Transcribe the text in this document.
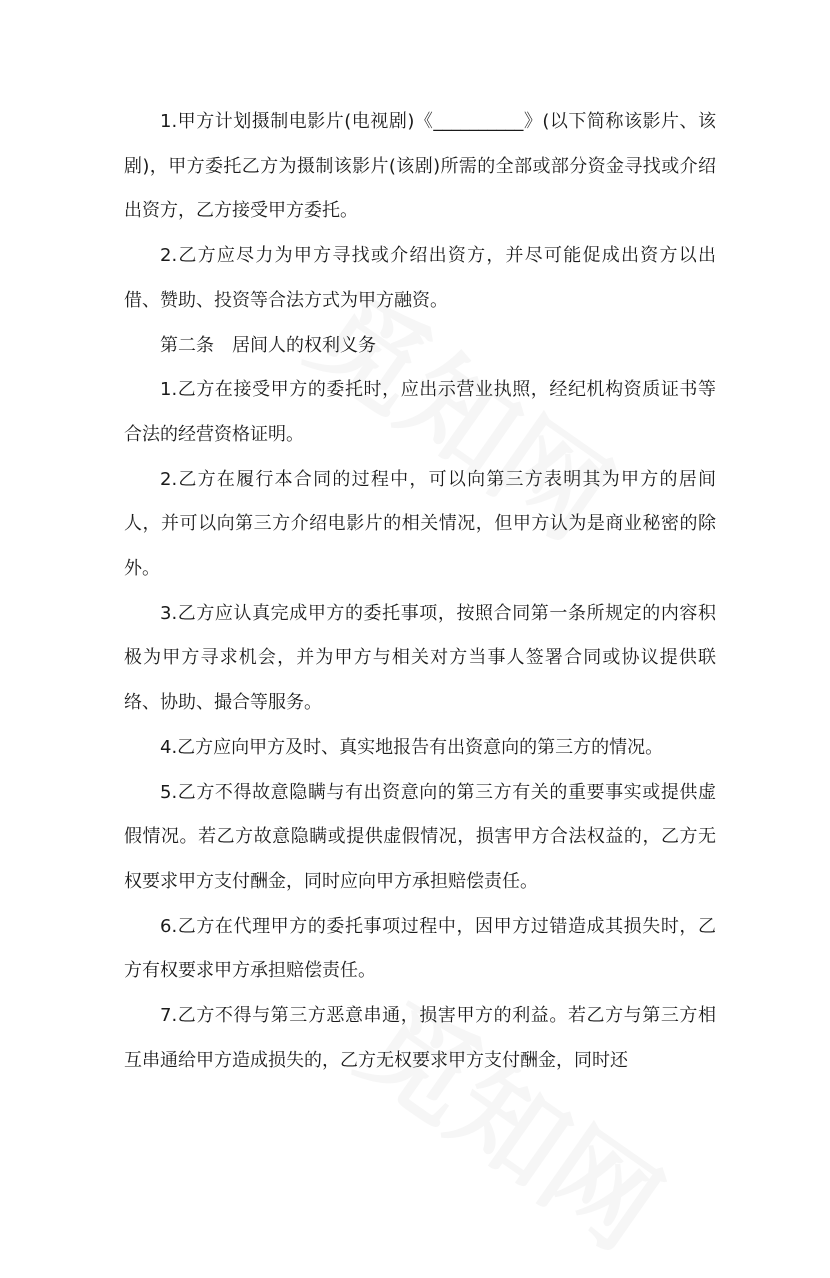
1.甲方计划摄制电影片(电视剧)《__________》(以下简称该影片、该剧)，甲方委托乙方为摄制该影片(该剧)所需的全部或部分资金寻找或介绍出资方，乙方接受甲方委托。

2.乙方应尽力为甲方寻找或介绍出资方，并尽可能促成出资方以出借、赞助、投资等合法方式为甲方融资。

第二条　居间人的权利义务

1.乙方在接受甲方的委托时，应出示营业执照，经纪机构资质证书等合法的经营资格证明。

2.乙方在履行本合同的过程中，可以向第三方表明其为甲方的居间人，并可以向第三方介绍电影片的相关情况，但甲方认为是商业秘密的除外。

3.乙方应认真完成甲方的委托事项，按照合同第一条所规定的内容积极为甲方寻求机会，并为甲方与相关对方当事人签署合同或协议提供联络、协助、撮合等服务。

4.乙方应向甲方及时、真实地报告有出资意向的第三方的情况。

5.乙方不得故意隐瞒与有出资意向的第三方有关的重要事实或提供虚假情况。若乙方故意隐瞒或提供虚假情况，损害甲方合法权益的，乙方无权要求甲方支付酬金，同时应向甲方承担赔偿责任。

6.乙方在代理甲方的委托事项过程中，因甲方过错造成其损失时，乙方有权要求甲方承担赔偿责任。

7.乙方不得与第三方恶意串通，损害甲方的利益。若乙方与第三方相互串通给甲方造成损失的，乙方无权要求甲方支付酬金，同时还
